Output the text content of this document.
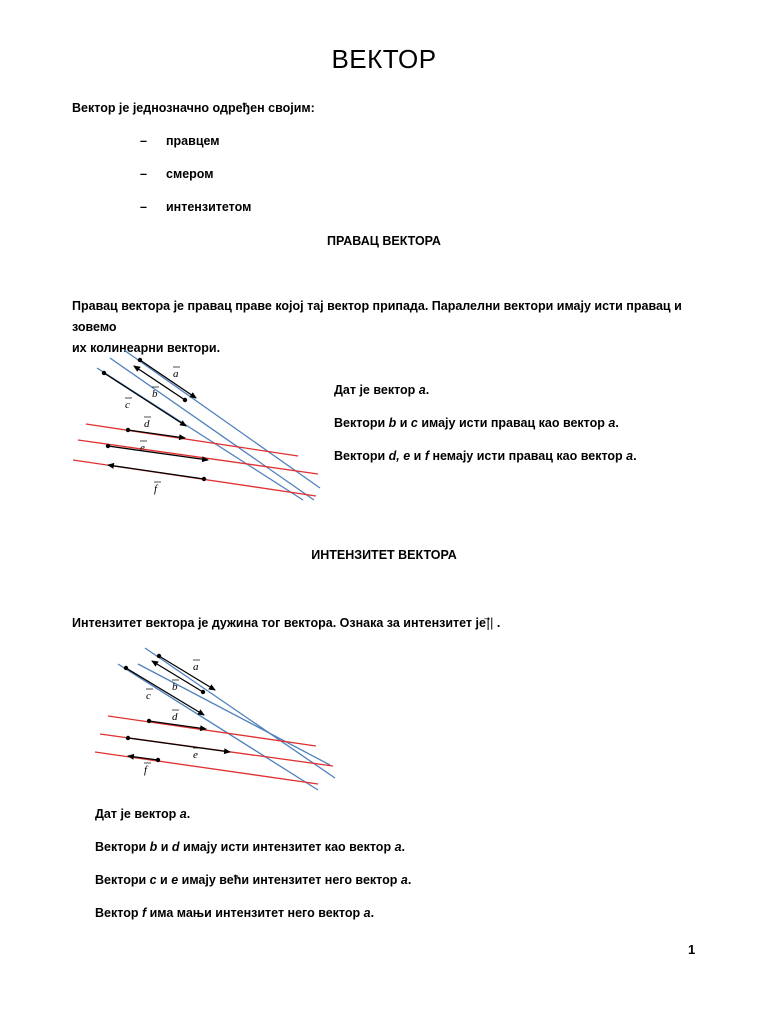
ВЕКТОР
Вектор је једнозначно одређен својим:
– правцем
– смером
– интензитетом
ПРАВАЦ ВЕКТОРА
Правац вектора је правац праве којој тај вектор припада. Паралелни вектори имају исти правац и зовемо
их колинеарни вектори.
a
b
c
d
e
f
Дат је вектор а.
Вектори b и c имају исти правац као вектор a.
Вектори d, e и f немају исти правац као вектор a.
ИНТЕНЗИТЕТ ВЕКТОРА
Интензитет вектора је дужина тог вектора. Ознака за интензитет је|⃗| .
a
b
c
d
e
f
Дат је вектор a.
Вектори b и d имају исти интензитет као вектор a.
Вектори c и e имају већи интензитет него вектор a.
Вектор f има мањи интензитет него вектор a.
1
